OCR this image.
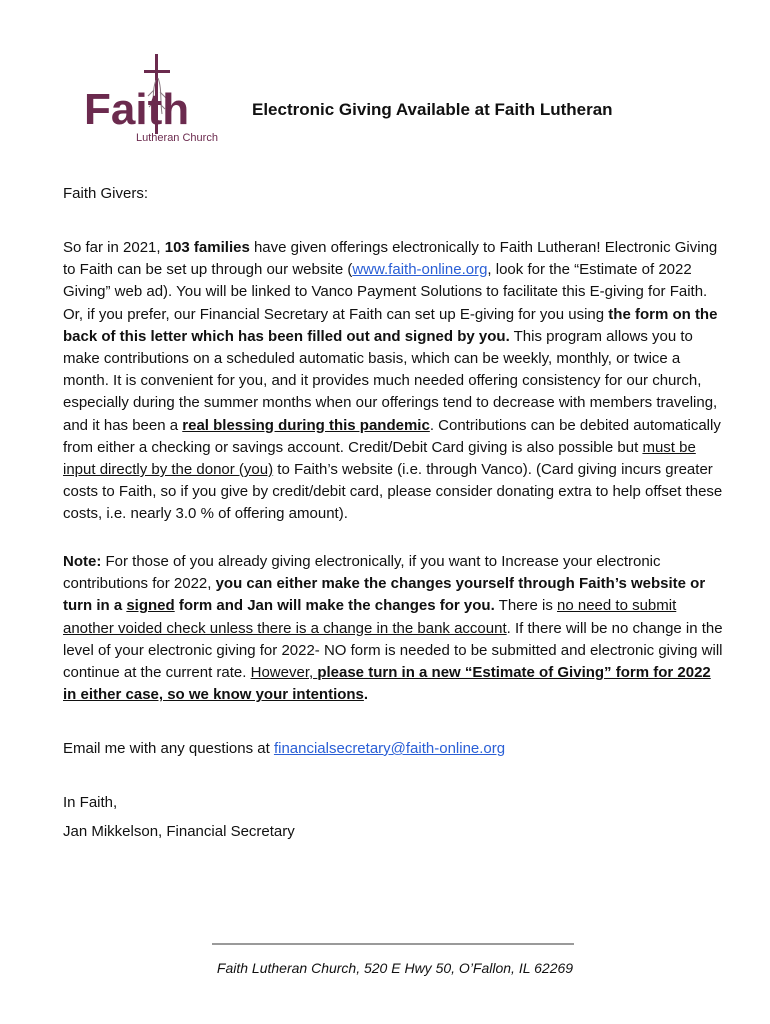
Faith
Lutheran Church
Electronic Giving Available at Faith Lutheran
Faith Givers:

So far in 2021, 103 families have given offerings electronically to Faith Lutheran! Electronic Giving to Faith can be set up through our website (www.faith-online.org, look for the “Estimate of 2022 Giving” web ad). You will be linked to Vanco Payment Solutions to facilitate this E-giving for Faith. Or, if you prefer, our Financial Secretary at Faith can set up E-giving for you using the form on the back of this letter which has been filled out and signed by you. This program allows you to make contributions on a scheduled automatic basis, which can be weekly, monthly, or twice a month. It is convenient for you, and it provides much needed offering consistency for our church, especially during the summer months when our offerings tend to decrease with members traveling, and it has been a real blessing during this pandemic. Contributions can be debited automatically from either a checking or savings account. Credit/Debit Card giving is also possible but must be input directly by the donor (you) to Faith’s website (i.e. through Vanco). (Card giving incurs greater costs to Faith, so if you give by credit/debit card, please consider donating extra to help offset these costs, i.e. nearly 3.0 % of offering amount).

Note: For those of you already giving electronically, if you want to Increase your electronic contributions for 2022, you can either make the changes yourself through Faith’s website or turn in a signed form and Jan will make the changes for you. There is no need to submit another voided check unless there is a change in the bank account. If there will be no change in the level of your electronic giving for 2022- NO form is needed to be submitted and electronic giving will continue at the current rate. However, please turn in a new “Estimate of Giving” form for 2022 in either case, so we know your intentions.

Email me with any questions at financialsecretary@faith-online.org
In Faith,
Jan Mikkelson, Financial Secretary
Faith Lutheran Church, 520 E Hwy 50, O’Fallon, IL 62269
